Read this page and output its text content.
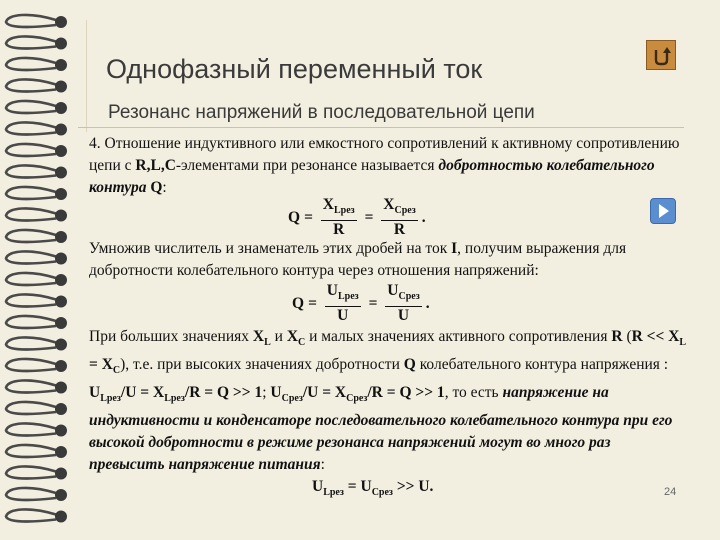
Однофазный переменный ток
Резонанс напряжений в последовательной цепи
4. Отношение индуктивного или емкостного сопротивлений к активному сопротивлению цепи с R,L,C-элементами при резонансе называется добротностью колебательного контура Q:
$Q = \frac{X_{Lрез}}{R} = \frac{X_{Срез}}{R}$ .
Умножив числитель и знаменатель этих дробей на ток I, получим выражения для добротности колебательного контура через отношения напряжений:
$Q = \frac{U_{Lрез}}{U} = \frac{U_{Срез}}{U}$ .
При больших значениях $X_L$ и $X_C$ и малых значениях активного сопротивления R $(R << X_L = X_C)$, т.е. при высоких значениях добротности Q колебательного контура напряжения : $U_{Lрез}/U = X_{Lрез}/R = Q >> 1$; $U_{Срез}/U = X_{Срез}/R = Q >> 1$, то есть напряжение на индуктивности и конденсаторе последовательного колебательного контура при его высокой добротности в режиме резонанса напряжений могут во много раз превысить напряжение питания:
$U_{Lрез} = U_{Срез} >> U$.	24
